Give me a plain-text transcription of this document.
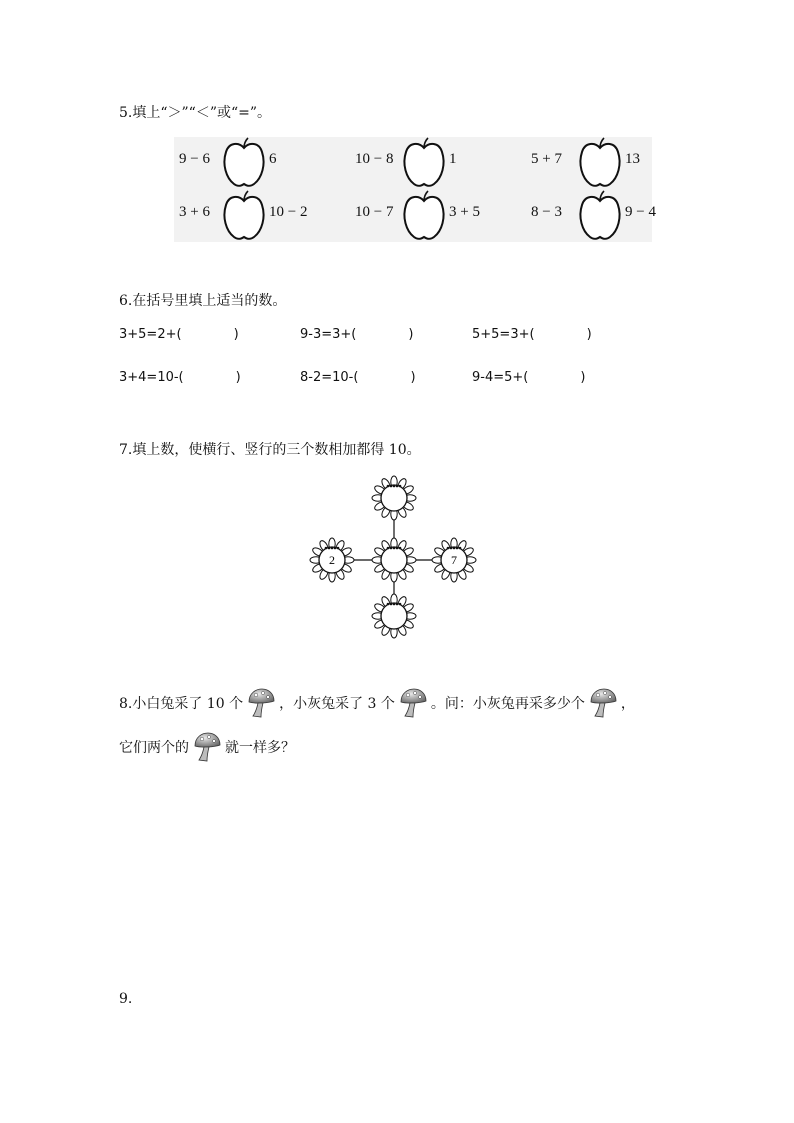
5.填上“＞”“＜”或“=”。
9 − 6	6	10 − 8	1	5 + 7	13
3 + 6	10 − 2	10 − 7	3 + 5	8 − 3	9 − 4
6.在括号里填上适当的数。
3+5=2+(	)	9-3=3+(	)	5+5=3+(	)
3+4=10-(	)	8-2=10-(	)	9-4=5+(	)
7.填上数，使横行、竖行的三个数相加都得 10。
2	7
8.小白兔采了 10 个	，小灰兔采了 3 个	。问：小灰兔再采多少个	，
它们两个的	就一样多？
9.
